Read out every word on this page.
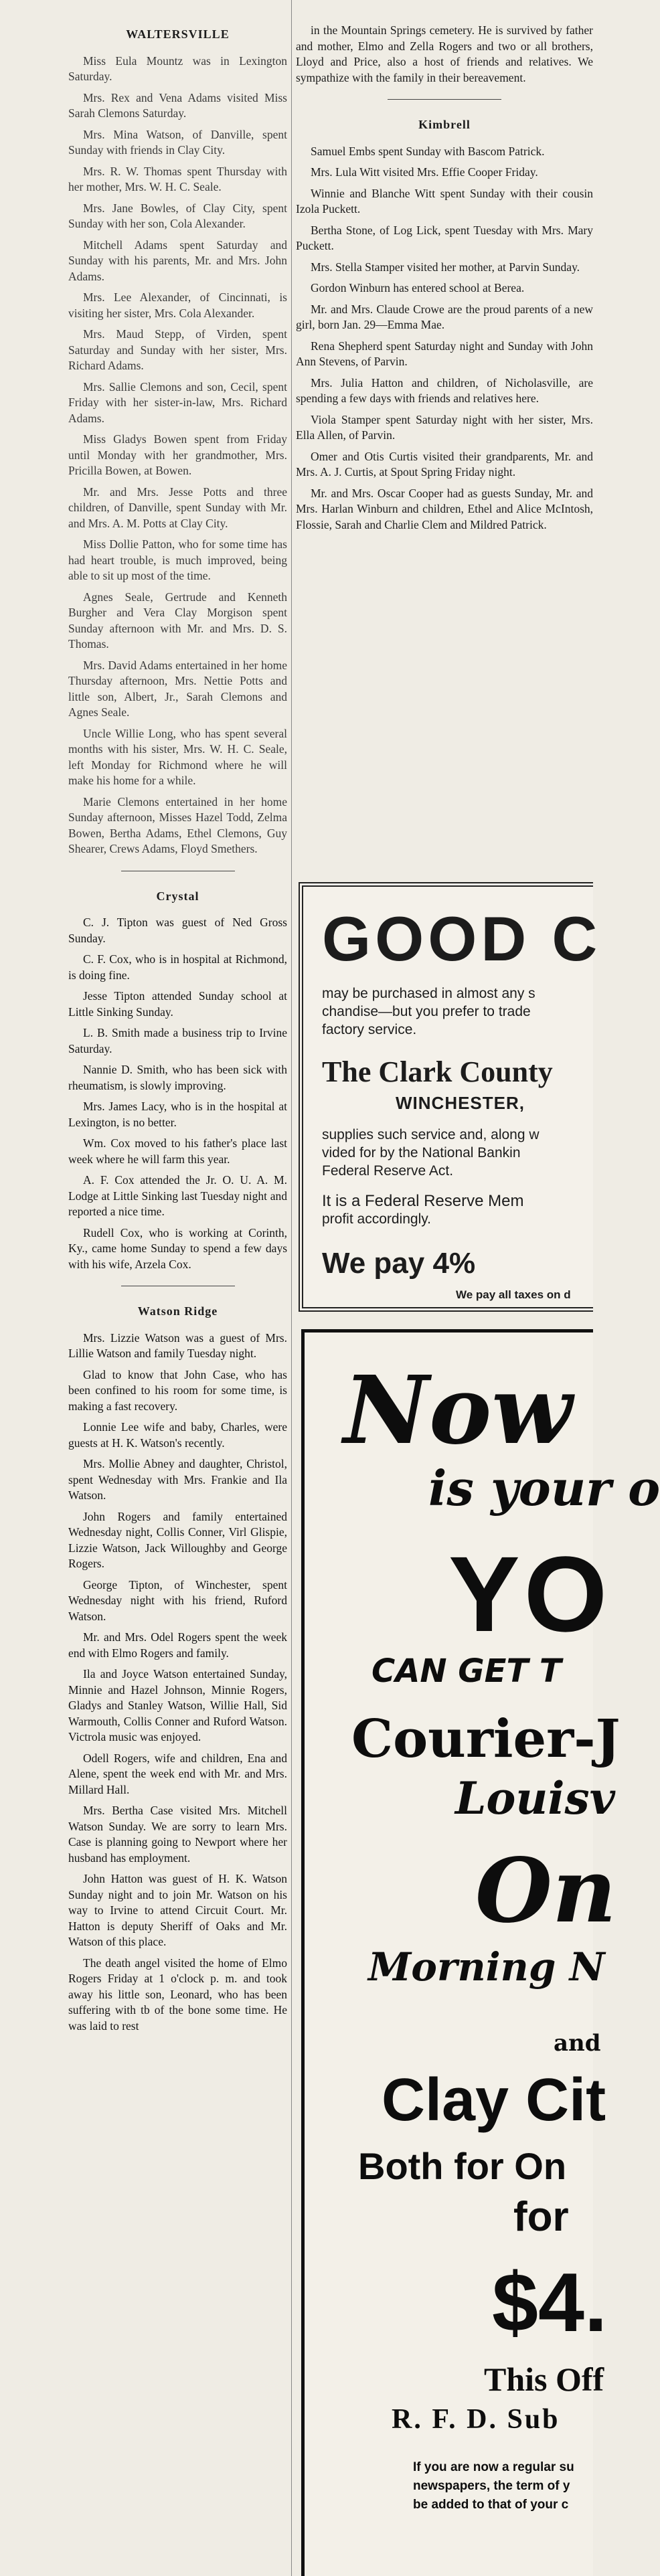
WALTERSVILLE

Miss Eula Mountz was in Lexington Saturday.

Mrs. Rex and Vena Adams visited Miss Sarah Clemons Saturday.

Mrs. Mina Watson, of Danville, spent Sunday with friends in Clay City.

Mrs. R. W. Thomas spent Thursday with her mother, Mrs. W. H. C. Seale.

Mrs. Jane Bowles, of Clay City, spent Sunday with her son, Cola Alexander.

Mitchell Adams spent Saturday and Sunday with his parents, Mr. and Mrs. John Adams.

Mrs. Lee Alexander, of Cincinnati, is visiting her sister, Mrs. Cola Alexander.

Mrs. Maud Stepp, of Virden, spent Saturday and Sunday with her sister, Mrs. Richard Adams.

Mrs. Sallie Clemons and son, Cecil, spent Friday with her sister-in-law, Mrs. Richard Adams.

Miss Gladys Bowen spent from Friday until Monday with her grandmother, Mrs. Pricilla Bowen, at Bowen.

Mr. and Mrs. Jesse Potts and three children, of Danville, spent Sunday with Mr. and Mrs. A. M. Potts at Clay City.

Miss Dollie Patton, who for some time has had heart trouble, is much improved, being able to sit up most of the time.

Agnes Seale, Gertrude and Kenneth Burgher and Vera Clay Morgison spent Sunday afternoon with Mr. and Mrs. D. S. Thomas.

Mrs. David Adams entertained in her home Thursday afternoon, Mrs. Nettie Potts and little son, Albert, Jr., Sarah Clemons and Agnes Seale.

Uncle Willie Long, who has spent several months with his sister, Mrs. W. H. C. Seale, left Monday for Richmond where he will make his home for a while.

Marie Clemons entertained in her home Sunday afternoon, Misses Hazel Todd, Zelma Bowen, Bertha Adams, Ethel Clemons, Guy Shearer, Crews Adams, Floyd Smethers.

Crystal

C. J. Tipton was guest of Ned Gross Sunday.

C. F. Cox, who is in hospital at Richmond, is doing fine.

Jesse Tipton attended Sunday school at Little Sinking Sunday.

L. B. Smith made a business trip to Irvine Saturday.

Nannie D. Smith, who has been sick with rheumatism, is slowly improving.

Mrs. James Lacy, who is in the hospital at Lexington, is no better.

Wm. Cox moved to his father's place last week where he will farm this year.

A. F. Cox attended the Jr. O. U. A. M. Lodge at Little Sinking last Tuesday night and reported a nice time.

Rudell Cox, who is working at Corinth, Ky., came home Sunday to spend a few days with his wife, Arzela Cox.

Watson Ridge

Mrs. Lizzie Watson was a guest of Mrs. Lillie Watson and family Tuesday night.

Glad to know that John Case, who has been confined to his room for some time, is making a fast recovery.

Lonnie Lee wife and baby, Charles, were guests at H. K. Watson's recently.

Mrs. Mollie Abney and daughter, Christol, spent Wednesday with Mrs. Frankie and Ila Watson.

John Rogers and family entertained Wednesday night, Collis Conner, Virl Glispie, Lizzie Watson, Jack Willoughby and George Rogers.

George Tipton, of Winchester, spent Wednesday night with his friend, Ruford Watson.

Mr. and Mrs. Odel Rogers spent the week end with Elmo Rogers and family.

Ila and Joyce Watson entertained Sunday, Minnie and Hazel Johnson, Minnie Rogers, Gladys and Stanley Watson, Willie Hall, Sid Warmouth, Collis Conner and Ruford Watson. Victrola music was enjoyed.

Odell Rogers, wife and children, Ena and Alene, spent the week end with Mr. and Mrs. Millard Hall.

Mrs. Bertha Case visited Mrs. Mitchell Watson Sunday. We are sorry to learn Mrs. Case is planning going to Newport where her husband has employment.

John Hatton was guest of H. K. Watson Sunday night and to join Mr. Watson on his way to Irvine to attend Circuit Court. Mr. Hatton is deputy Sheriff of Oaks and Mr. Watson of this place.

The death angel visited the home of Elmo Rogers Friday at 1 o'clock p. m. and took away his little son, Leonard, who has been suffering with tb of the bone some time. He was laid to rest

in the Mountain Springs cemetery. He is survived by father and mother, Elmo and Zella Rogers and two or all brothers, Lloyd and Price, also a host of friends and relatives. We sympathize with the family in their bereavement.

Kimbrell

Samuel Embs spent Sunday with Bascom Patrick.

Mrs. Lula Witt visited Mrs. Effie Cooper Friday.

Winnie and Blanche Witt spent Sunday with their cousin Izola Puckett.

Bertha Stone, of Log Lick, spent Tuesday with Mrs. Mary Puckett.

Mrs. Stella Stamper visited her mother, at Parvin Sunday.

Gordon Winburn has entered school at Berea.

Mr. and Mrs. Claude Crowe are the proud parents of a new girl, born Jan. 29—Emma Mae.

Rena Shepherd spent Saturday night and Sunday with John Ann Stevens, of Parvin.

Mrs. Julia Hatton and children, of Nicholasville, are spending a few days with friends and relatives here.

Viola Stamper spent Saturday night with her sister, Mrs. Ella Allen, of Parvin.

Omer and Otis Curtis visited their grandparents, Mr. and Mrs. A. J. Curtis, at Spout Spring Friday night.

Mr. and Mrs. Oscar Cooper had as guests Sunday, Mr. and Mrs. Harlan Winburn and children, Ethel and Alice McIntosh, Flossie, Sarah and Charlie Clem and Mildred Patrick.

GOOD C
may be purchased in almost any s
chandise—but you prefer to trade
factory service.
The Clark County
WINCHESTER,
supplies such service and, along w
vided for by the National Bankin
Federal Reserve Act.
It is a Federal Reserve Mem
profit accordingly.
We pay 4%
We pay all taxes on d
Now
is your o
YO
CAN GET T
Courier-J
Louisv
On
Morning N
and
Clay Cit
Both for On
for
$4.
This Off
R. F. D. Sub
If you are now a regular su
newspapers, the term of y
be added to that of your c
